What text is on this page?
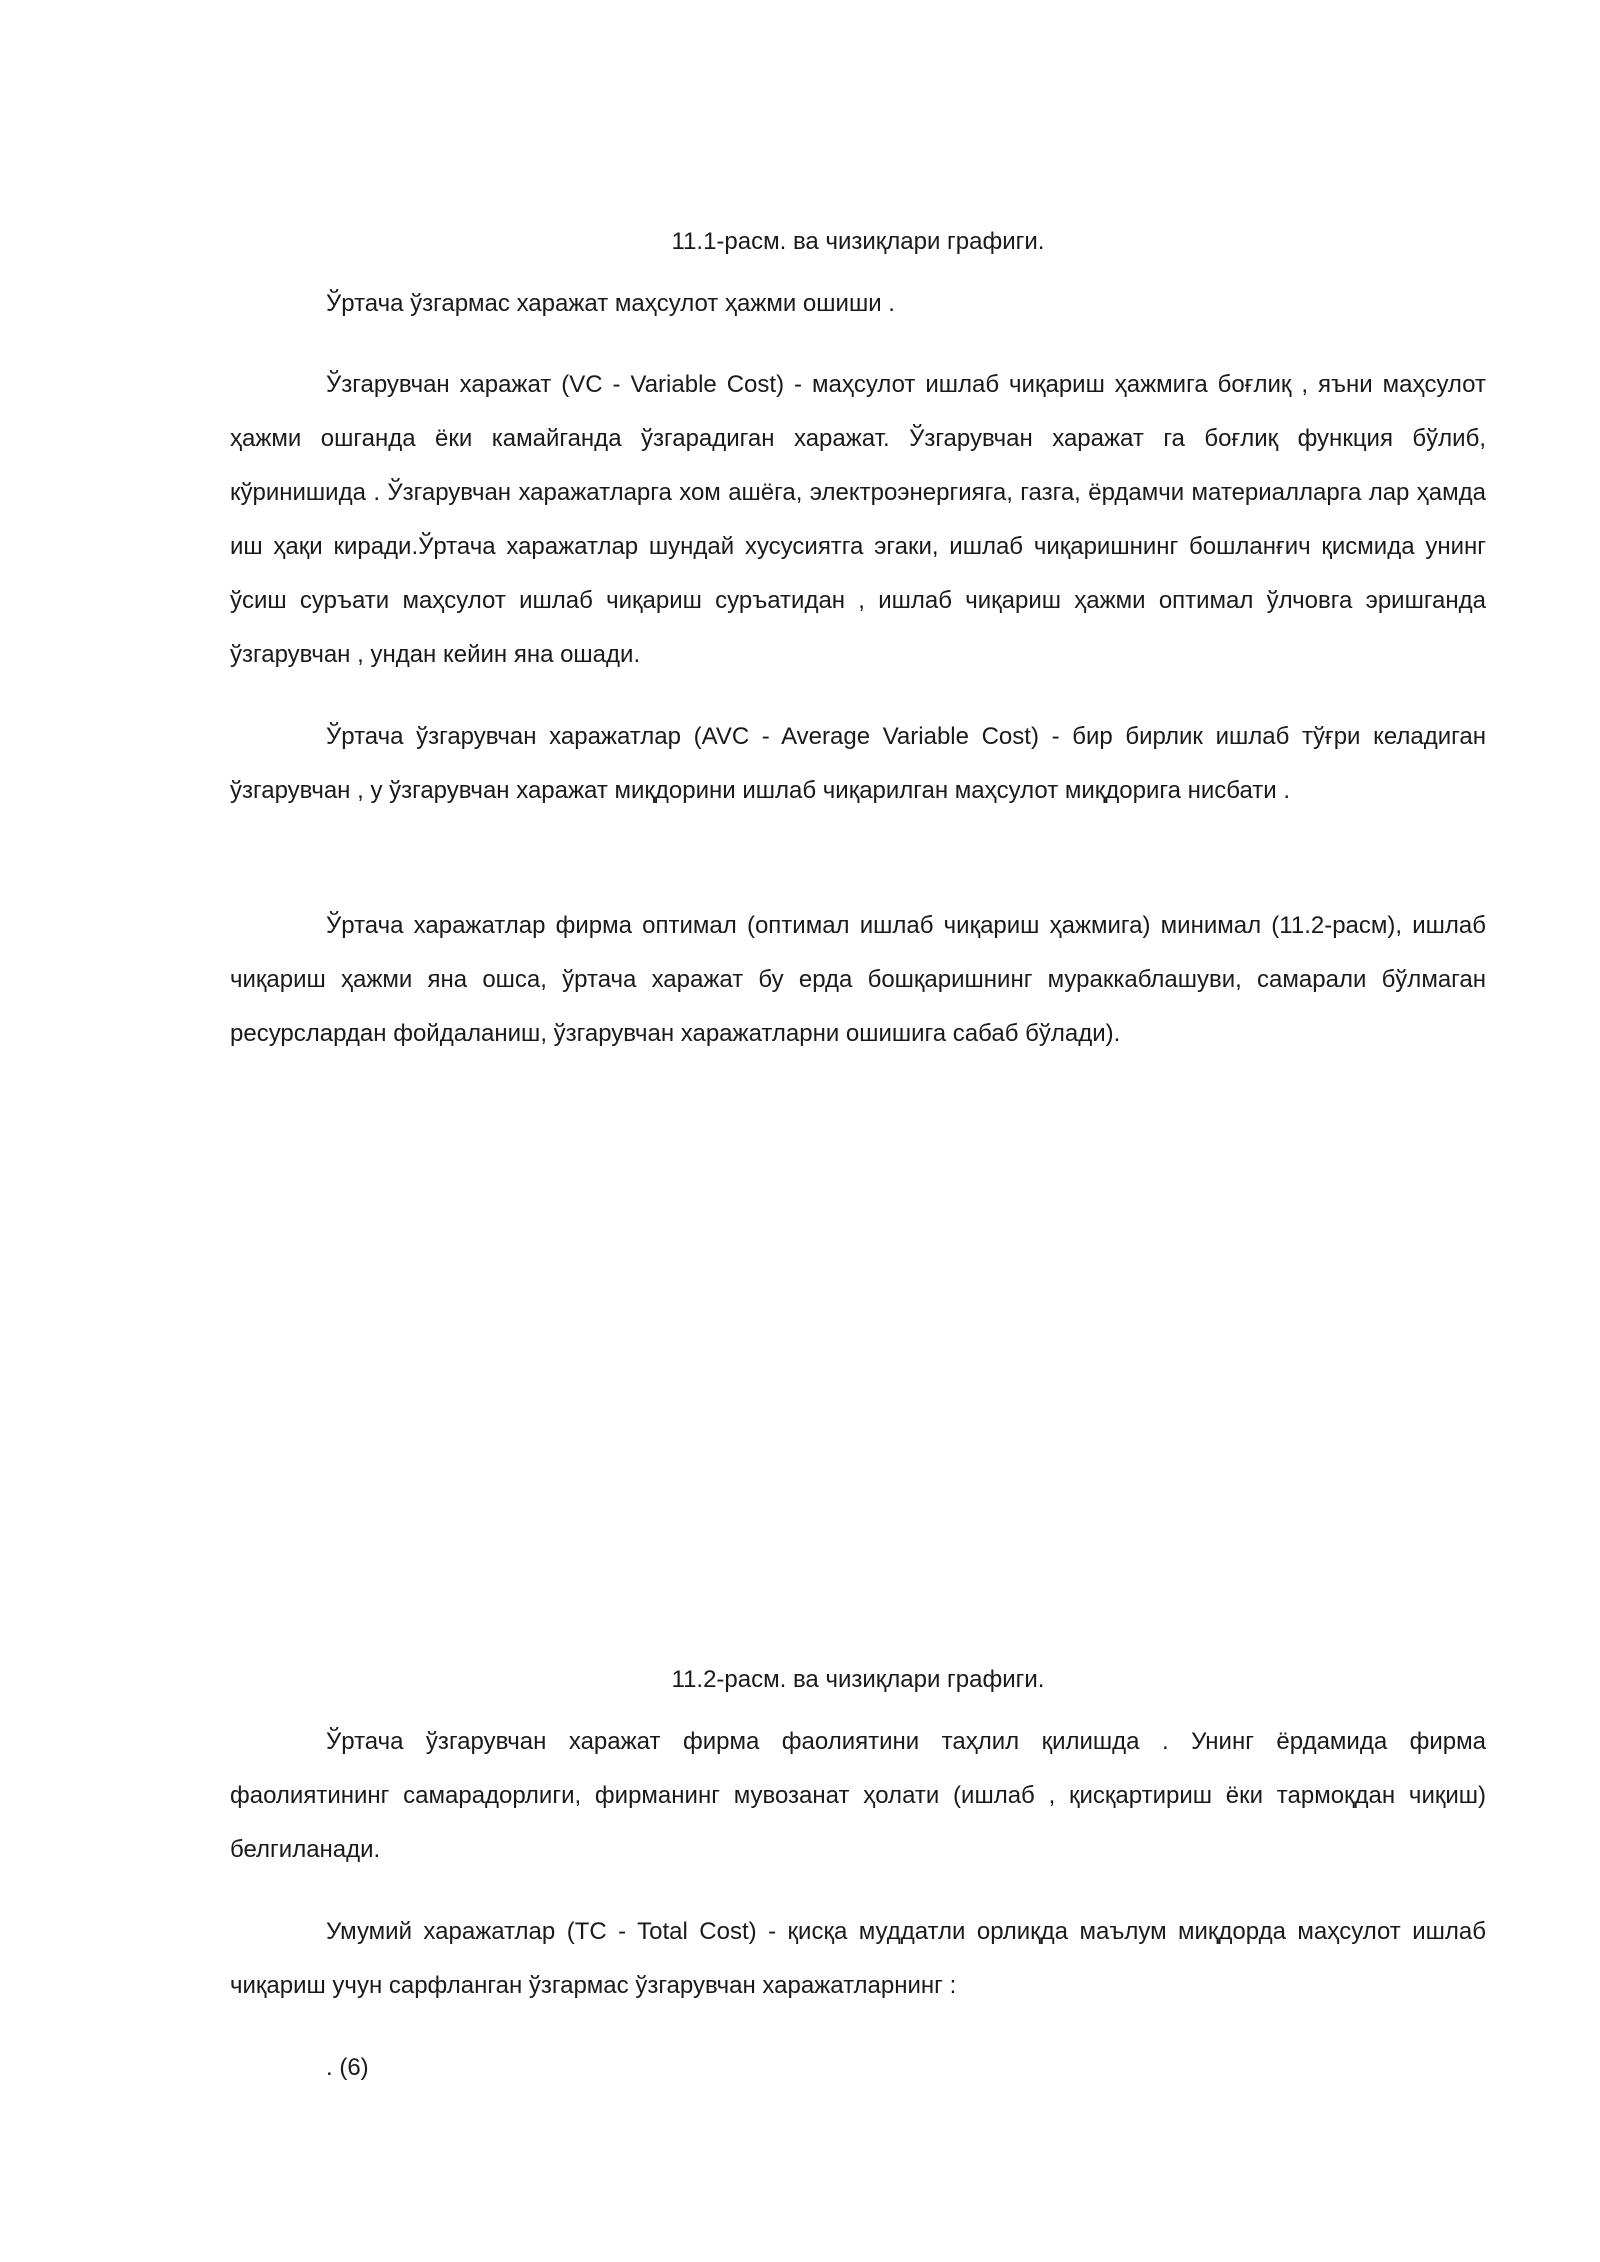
11.1-расм. ва чизиқлари графиги.

Ўртача ўзгармас харажат маҳсулот ҳажми ошиши .

Ўзгарувчан харажат (VC - Variable Cost) - маҳсулот ишлаб чиқариш ҳажмига боғлиқ , яъни маҳсулот ҳажми ошганда ёки камайганда ўзгарадиган харажат. Ўзгарувчан харажат га боғлиқ функция бўлиб, кўринишида . Ўзгарувчан харажатларга хом ашёга, электроэнергияга, газга, ёрдамчи материалларга лар ҳамда иш ҳақи киради.Ўртача харажатлар шундай хусусиятга эгаки, ишлаб чиқаришнинг бошланғич қисмида унинг ўсиш суръати маҳсулот ишлаб чиқариш суръатидан , ишлаб чиқариш ҳажми оптимал ўлчовга эришганда ўзгарувчан , ундан кейин яна ошади.

Ўртача ўзгарувчан харажатлар (AVC - Average Variable Cost) - бир бирлик ишлаб тўғри келадиган ўзгарувчан , у ўзгарувчан харажат миқдорини ишлаб чиқарилган маҳсулот миқдорига нисбати .

Ўртача харажатлар фирма оптимал (оптимал ишлаб чиқариш ҳажмига) минимал (11.2-расм), ишлаб чиқариш ҳажми яна ошса, ўртача харажат бу ерда бошқаришнинг мураккаблашуви, самарали бўлмаган ресурслардан фойдаланиш, ўзгарувчан харажатларни ошишига сабаб бўлади).

11.2-расм. ва чизиқлари графиги.

Ўртача ўзгарувчан харажат фирма фаолиятини таҳлил қилишда . Унинг ёрдамида фирма фаолиятининг самарадорлиги, фирманинг мувозанат ҳолати (ишлаб , қисқартириш ёки тармоқдан чиқиш) белгиланади.

Умумий харажатлар (TC - Total Cost) - қисқа муддатли орлиқда маълум миқдорда маҳсулот ишлаб чиқариш учун сарфланган ўзгармас ўзгарувчан харажатларнинг :

. (6)
